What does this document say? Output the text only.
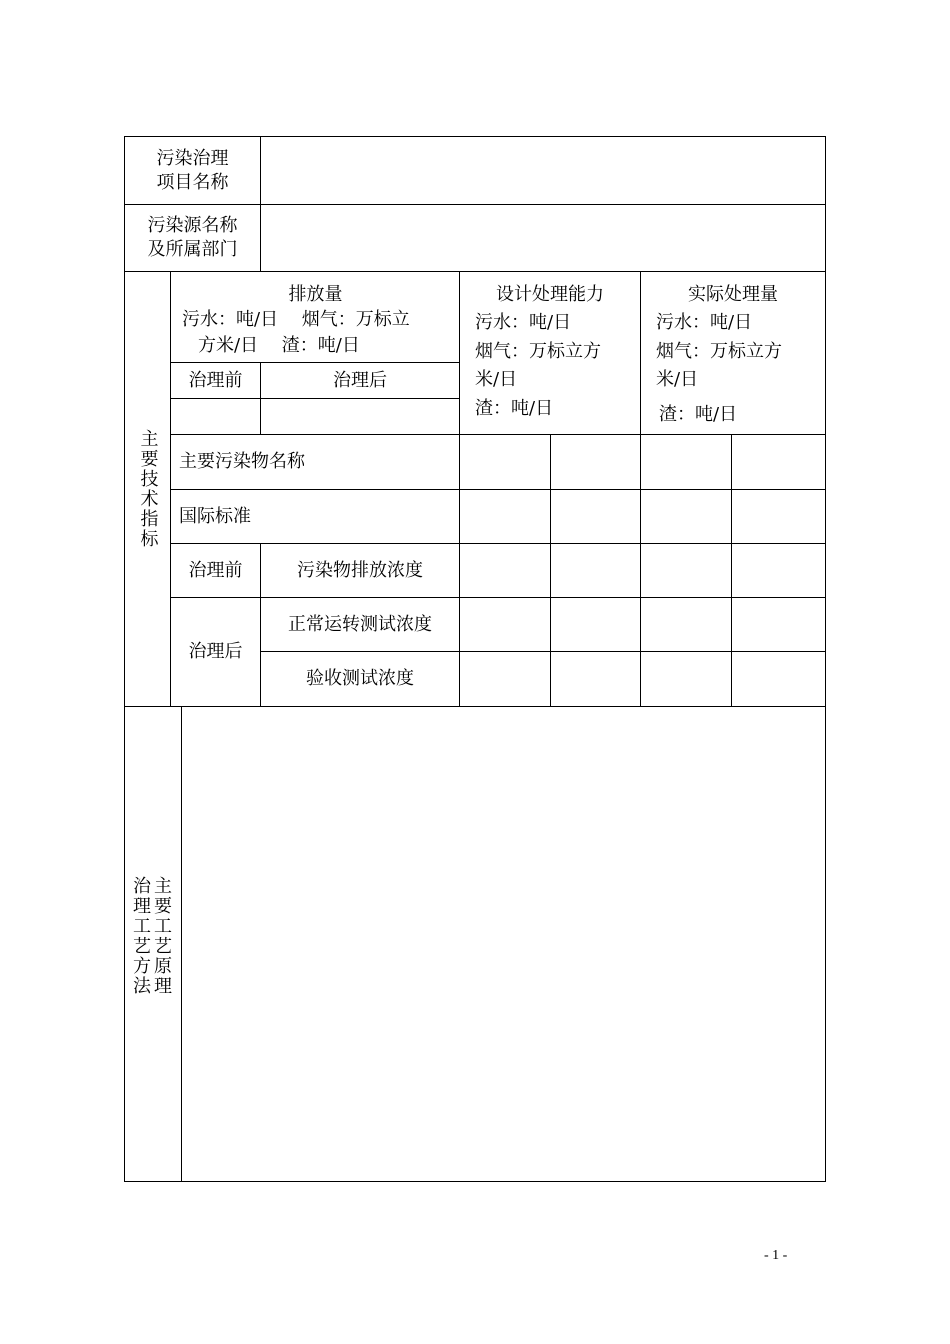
污染治理
项目名称
污染源名称
及所属部门
主要技术指标
排放量
污水：吨/日　 烟气：万标立
方米/日　 渣：吨/日
治理前	治理后
设计处理能力
污水：吨/日
烟气：万标立方
米/日
渣：吨/日
实际处理量
污水：吨/日
烟气：万标立方
米/日
渣：吨/日
主要污染物名称
国际标准
治理前	污染物排放浓度
治理后
正常运转测试浓度
验收测试浓度
主要工艺原理
治理工艺方法
- 1 -
